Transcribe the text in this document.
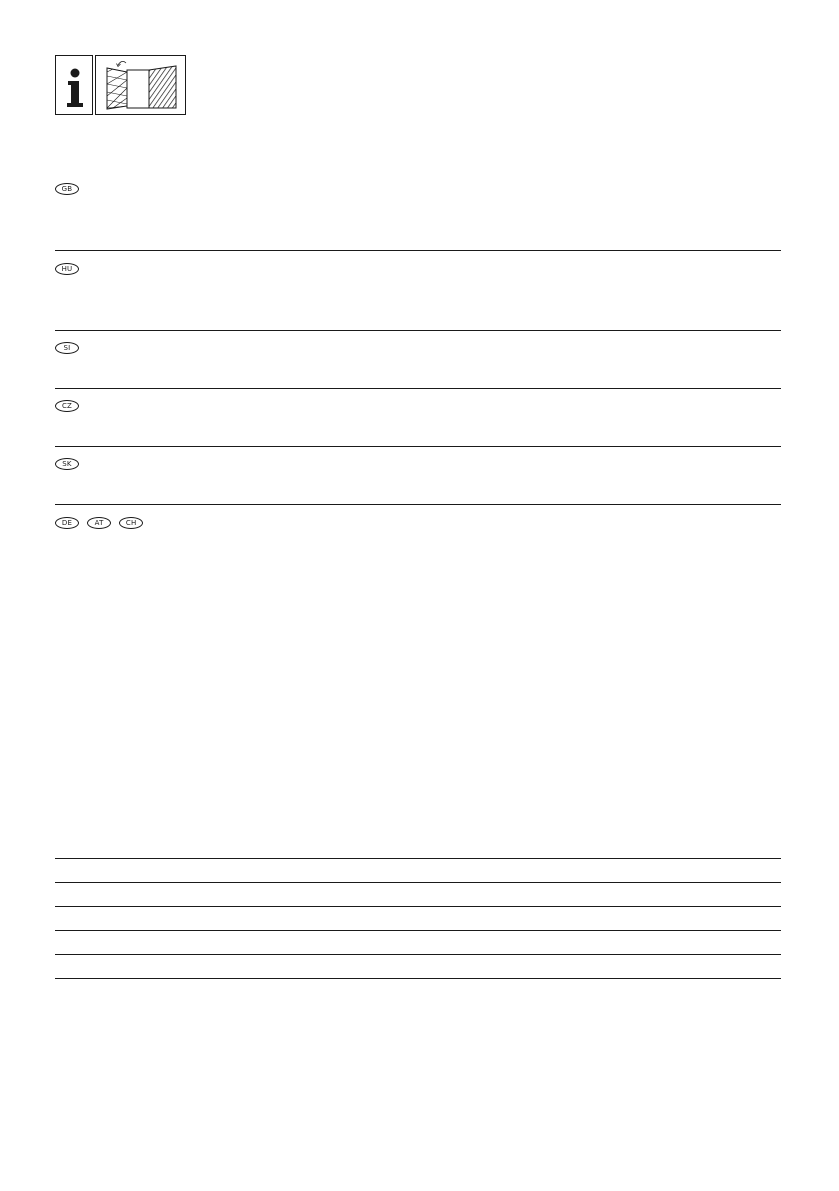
GB
HU
SI
CZ
SK
DE	AT	CH
